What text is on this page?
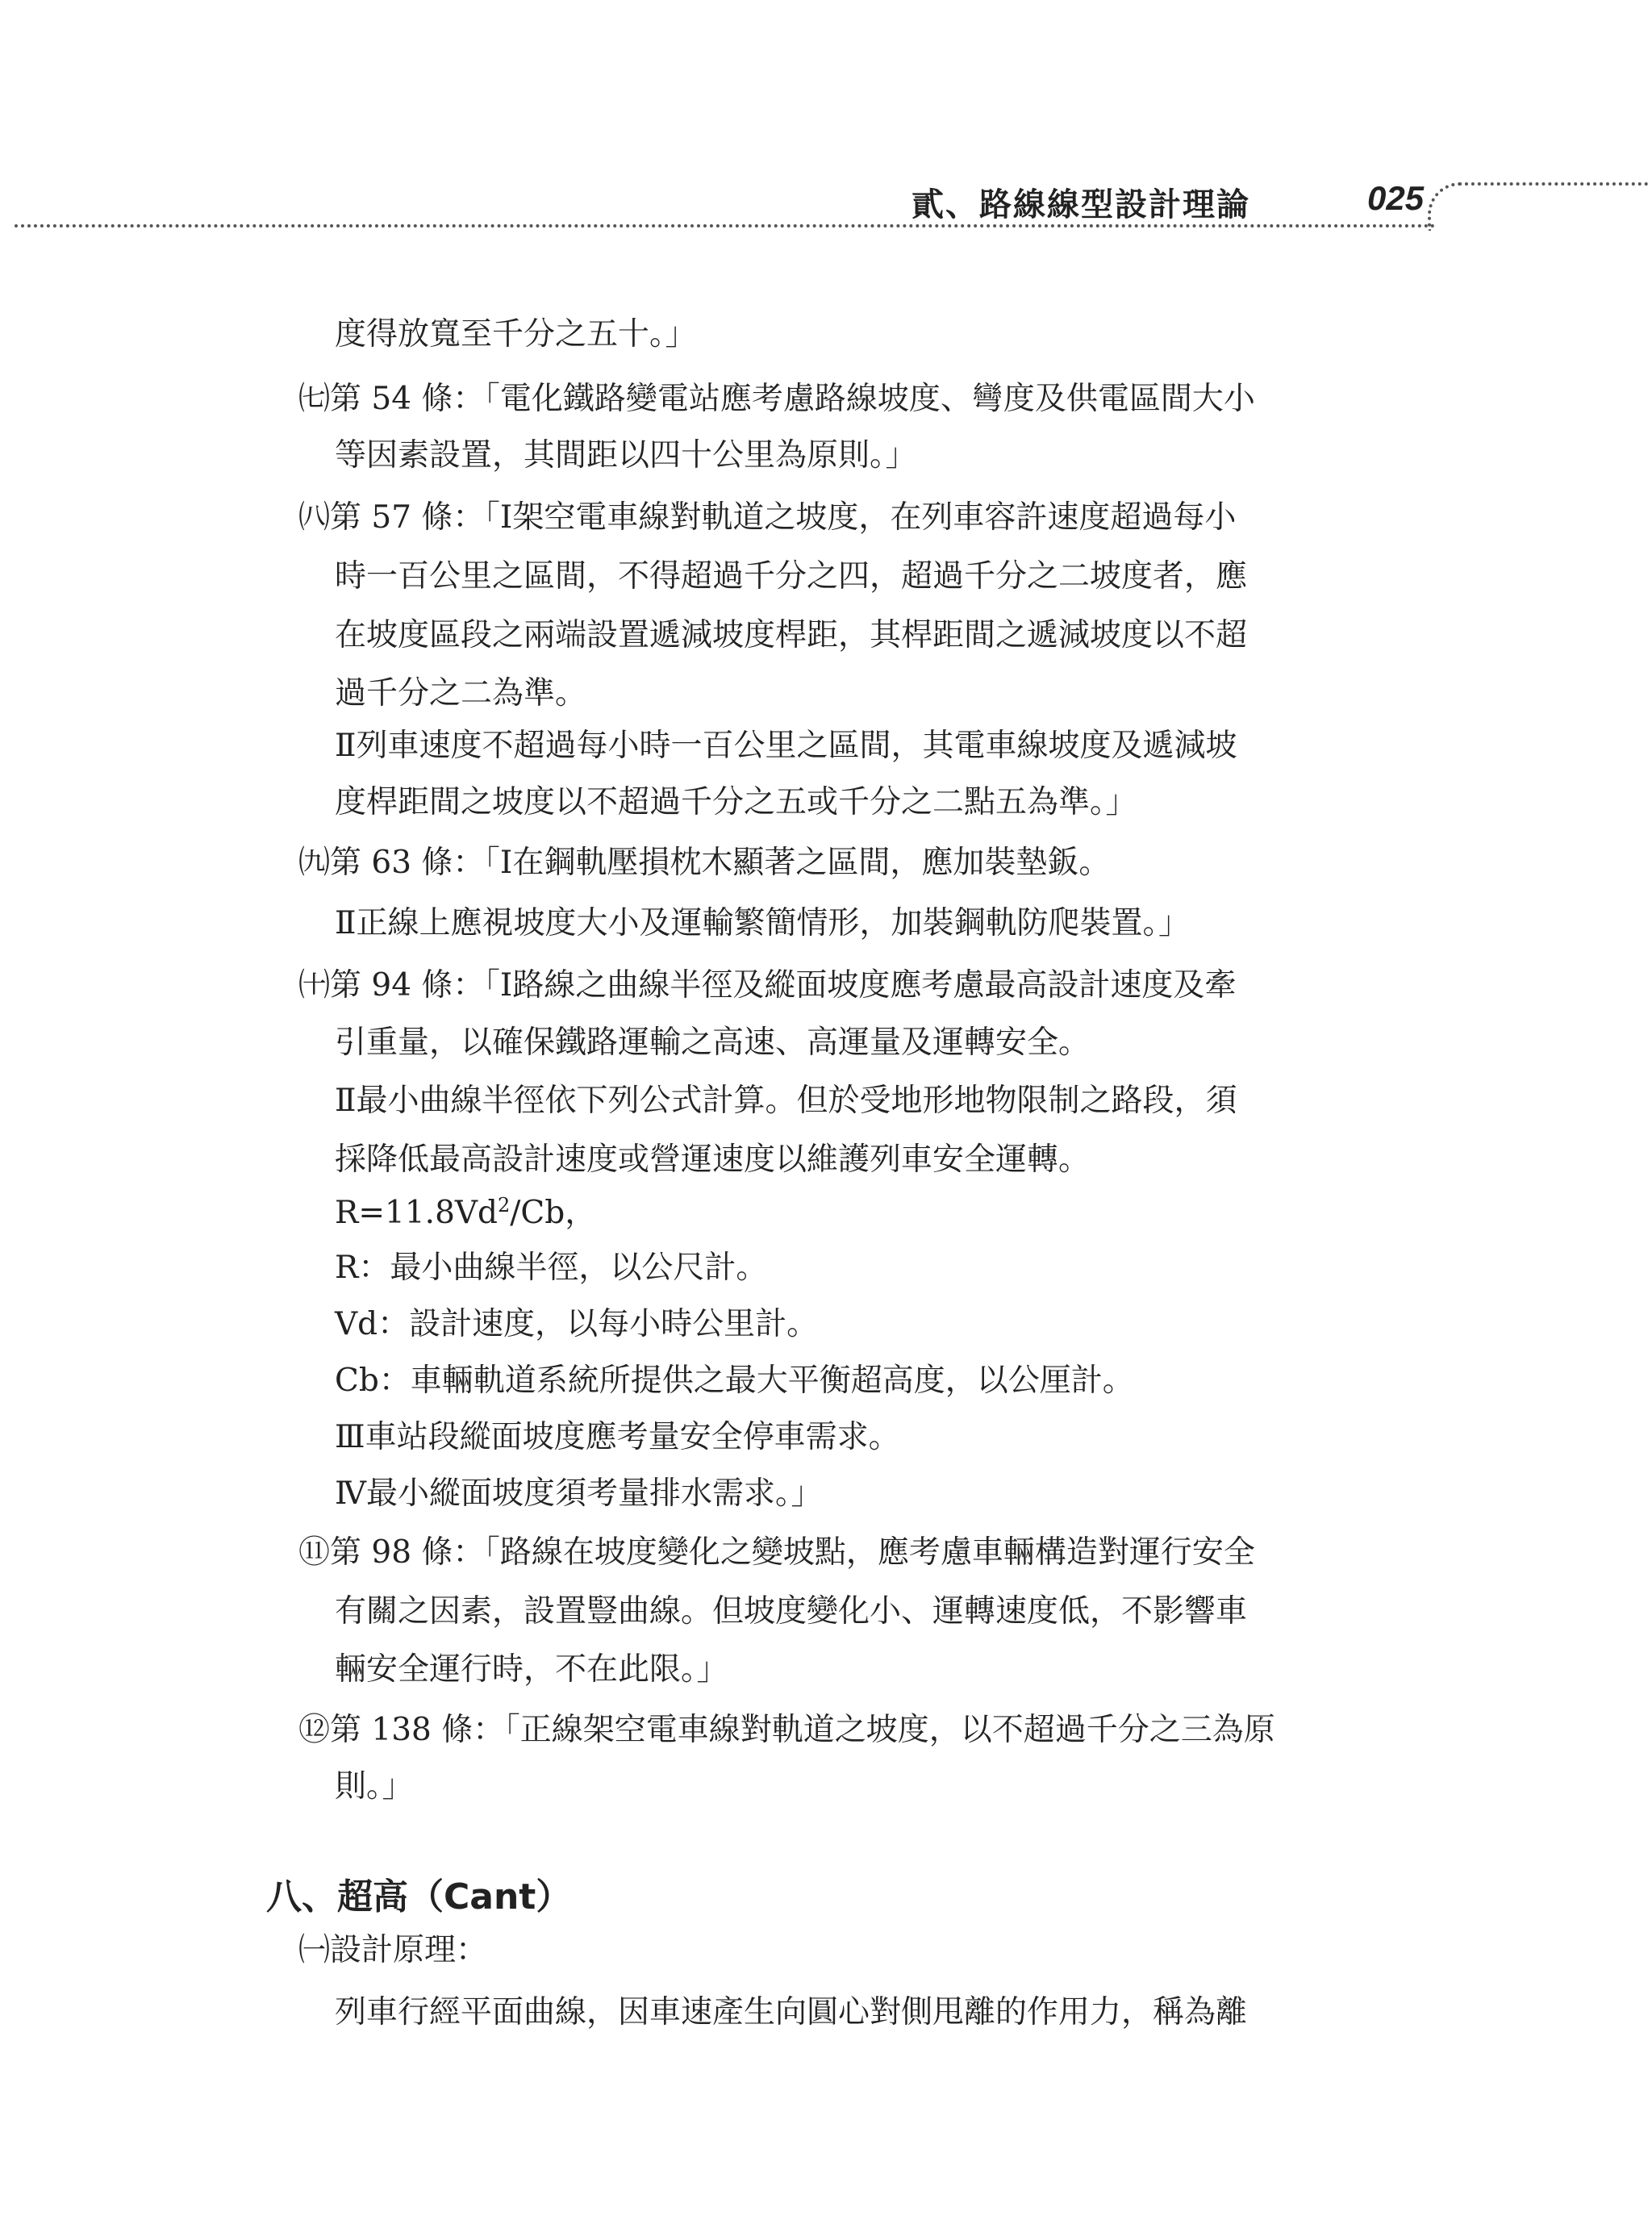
貳、路線線型設計理論	025
度得放寬至千分之五十。」
㈦第 54 條：「電化鐵路變電站應考慮路線坡度、彎度及供電區間大小
等因素設置，其間距以四十公里為原則。」
㈧第 57 條：「Ⅰ架空電車線對軌道之坡度，在列車容許速度超過每小
時一百公里之區間，不得超過千分之四，超過千分之二坡度者，應
在坡度區段之兩端設置遞減坡度桿距，其桿距間之遞減坡度以不超
過千分之二為準。
Ⅱ列車速度不超過每小時一百公里之區間，其電車線坡度及遞減坡
度桿距間之坡度以不超過千分之五或千分之二點五為準。」
㈨第 63 條：「Ⅰ在鋼軌壓損枕木顯著之區間，應加裝墊鈑。
Ⅱ正線上應視坡度大小及運輸繁簡情形，加裝鋼軌防爬裝置。」
㈩第 94 條：「Ⅰ路線之曲線半徑及縱面坡度應考慮最高設計速度及牽
引重量，以確保鐵路運輸之高速、高運量及運轉安全。
Ⅱ最小曲線半徑依下列公式計算。但於受地形地物限制之路段，須
採降低最高設計速度或營運速度以維護列車安全運轉。
$R=11.8Vd^2/Cb$，
R：最小曲線半徑，以公尺計。
Vd：設計速度，以每小時公里計。
Cb：車輛軌道系統所提供之最大平衡超高度，以公厘計。
Ⅲ車站段縱面坡度應考量安全停車需求。
Ⅳ最小縱面坡度須考量排水需求。」
⑪第 98 條：「路線在坡度變化之變坡點，應考慮車輛構造對運行安全
有關之因素，設置豎曲線。但坡度變化小、運轉速度低，不影響車
輛安全運行時，不在此限。」
⑫第 138 條：「正線架空電車線對軌道之坡度，以不超過千分之三為原
則。」
八、超高（Cant）
㈠設計原理：
列車行經平面曲線，因車速產生向圓心對側甩離的作用力，稱為離
